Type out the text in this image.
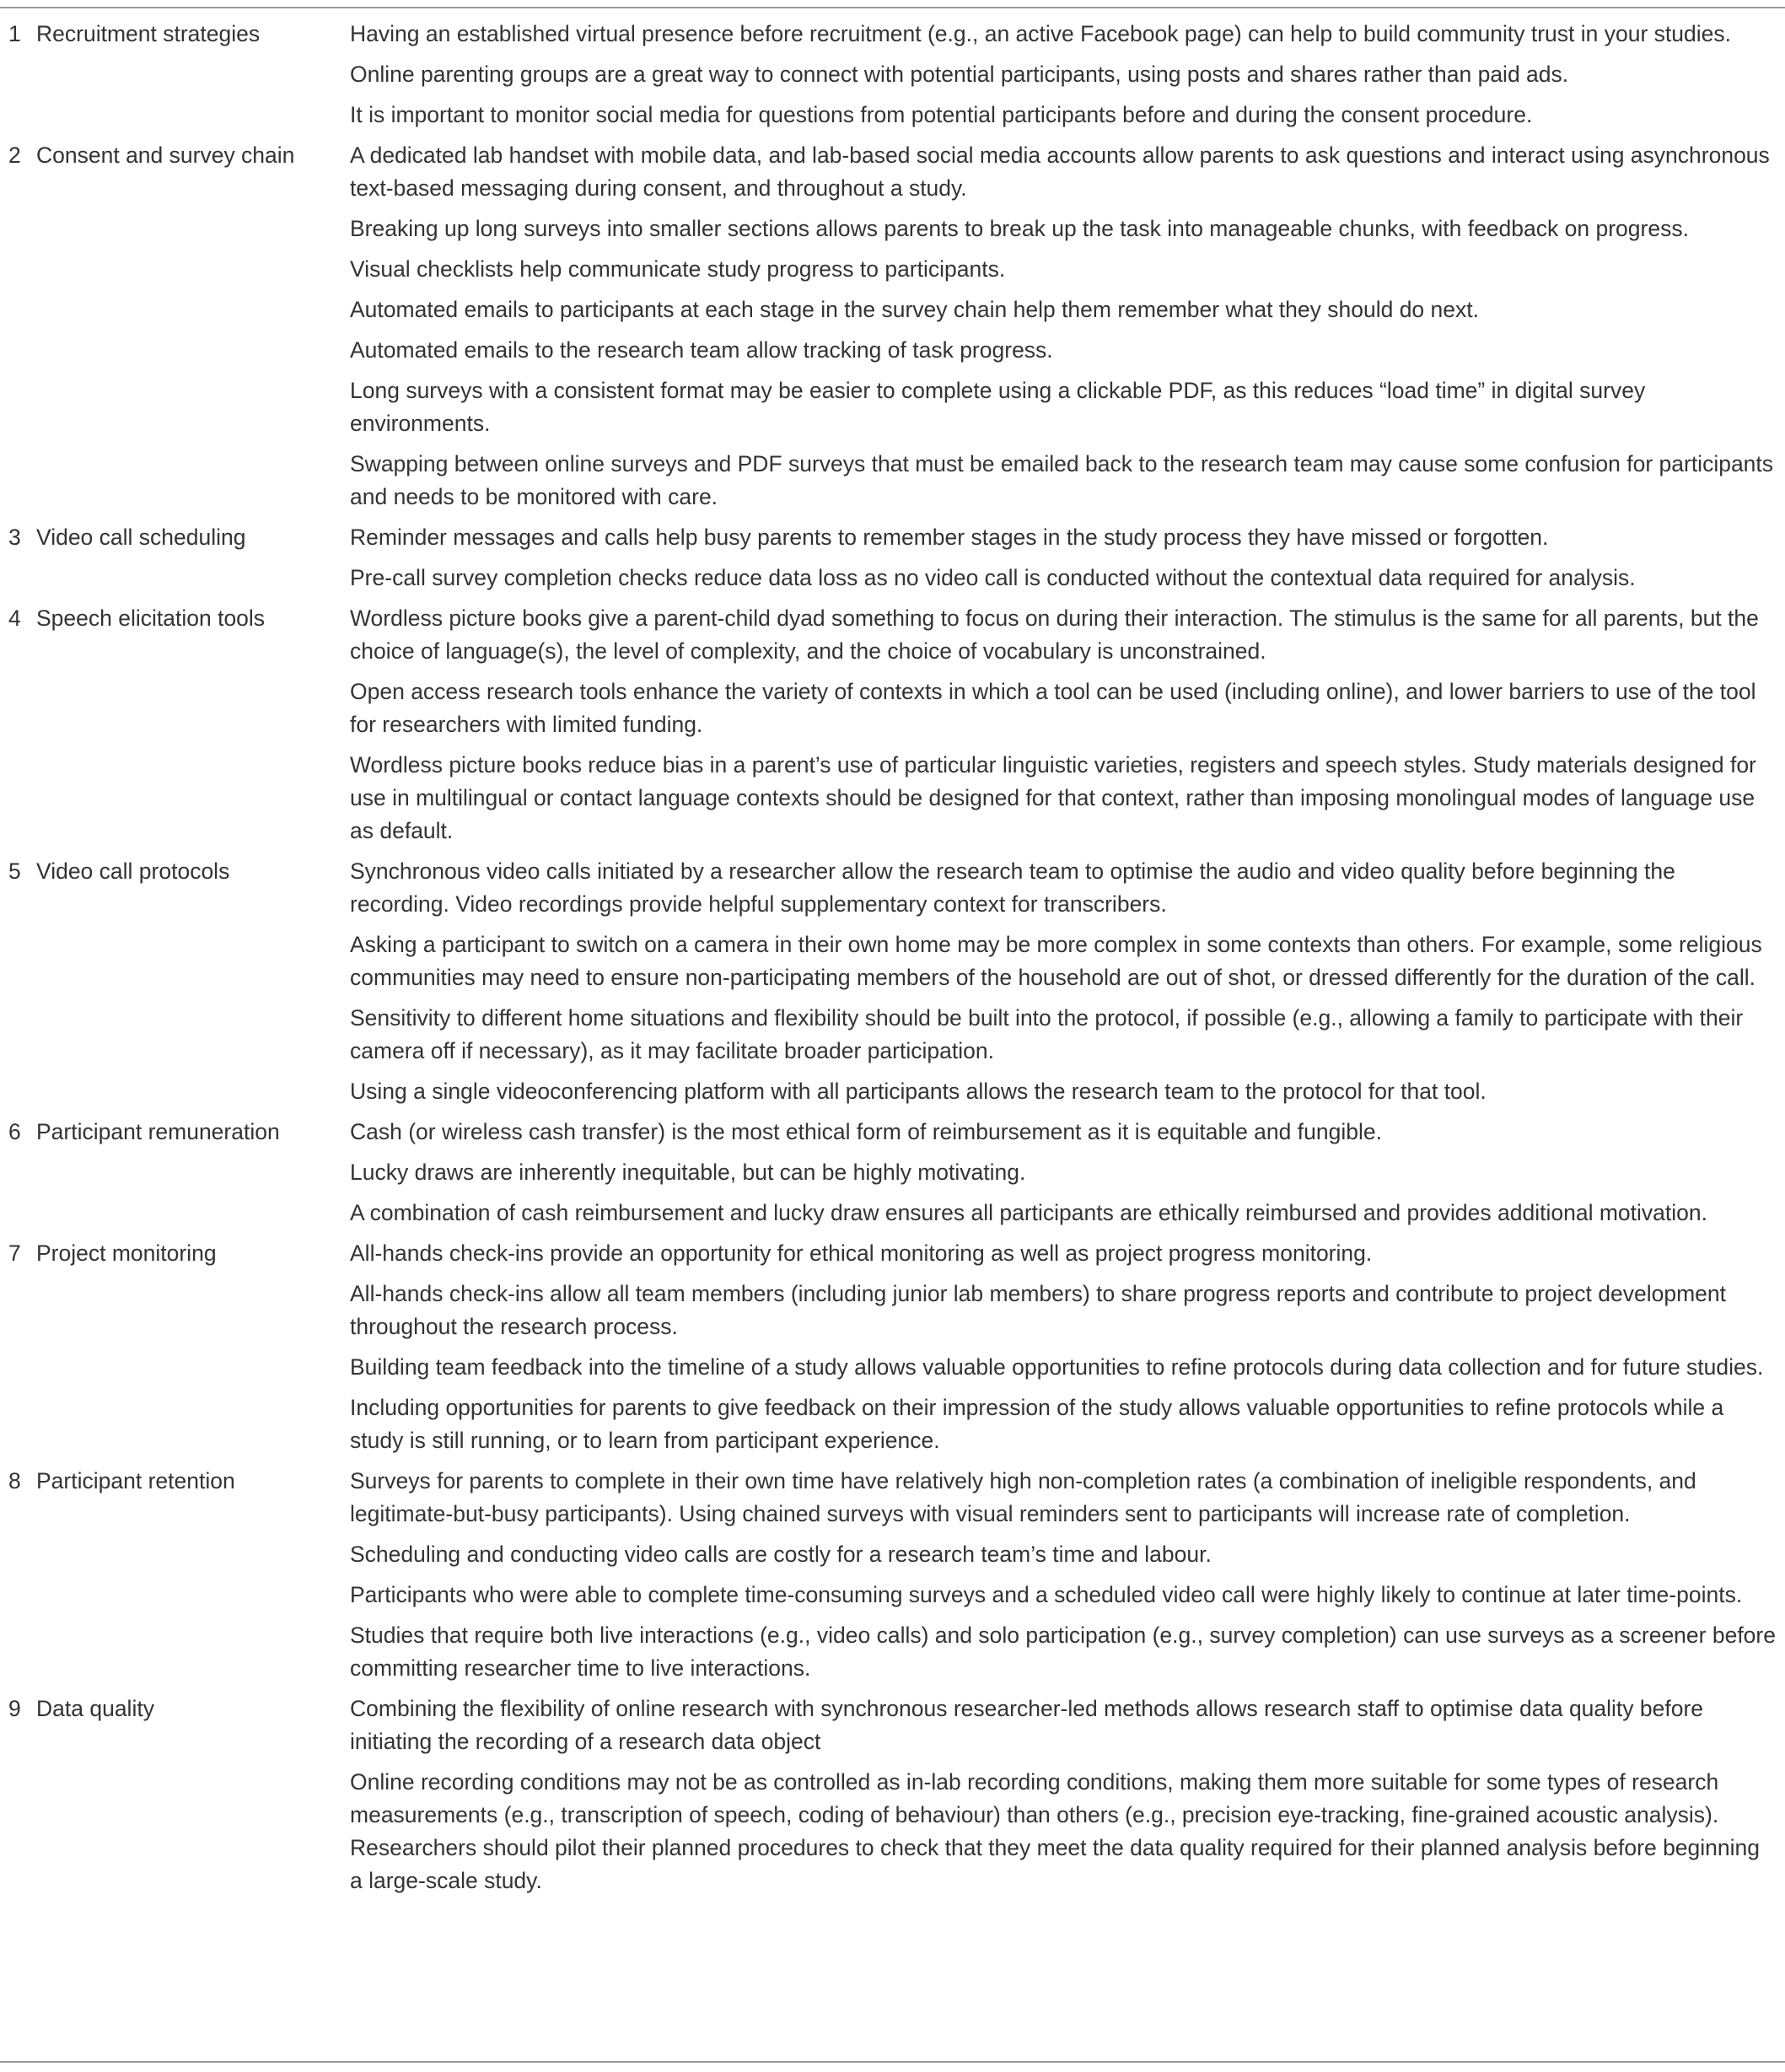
1	Recruitment strategies	Having an established virtual presence before recruitment (e.g., an active Facebook page) can help to build community trust in your studies.

		Online parenting groups are a great way to connect with potential participants, using posts and shares rather than paid ads.

		It is important to monitor social media for questions from potential participants before and during the consent procedure.

2	Consent and survey chain	A dedicated lab handset with mobile data, and lab-based social media accounts allow parents to ask questions and interact using asynchronous text-based messaging during consent, and throughout a study.

		Breaking up long surveys into smaller sections allows parents to break up the task into manageable chunks, with feedback on progress.

		Visual checklists help communicate study progress to participants.

		Automated emails to participants at each stage in the survey chain help them remember what they should do next.

		Automated emails to the research team allow tracking of task progress.

		Long surveys with a consistent format may be easier to complete using a clickable PDF, as this reduces “load time” in digital survey environments.

		Swapping between online surveys and PDF surveys that must be emailed back to the research team may cause some confusion for participants and needs to be monitored with care.

3	Video call scheduling	Reminder messages and calls help busy parents to remember stages in the study process they have missed or forgotten.

		Pre-call survey completion checks reduce data loss as no video call is conducted without the contextual data required for analysis.

4	Speech elicitation tools	Wordless picture books give a parent-child dyad something to focus on during their interaction. The stimulus is the same for all parents, but the choice of language(s), the level of complexity, and the choice of vocabulary is unconstrained.

		Open access research tools enhance the variety of contexts in which a tool can be used (including online), and lower barriers to use of the tool for researchers with limited funding.

		Wordless picture books reduce bias in a parent’s use of particular linguistic varieties, registers and speech styles. Study materials designed for use in multilingual or contact language contexts should be designed for that context, rather than imposing monolingual modes of language use as default.

5	Video call protocols	Synchronous video calls initiated by a researcher allow the research team to optimise the audio and video quality before beginning the recording. Video recordings provide helpful supplementary context for transcribers.

		Asking a participant to switch on a camera in their own home may be more complex in some contexts than others. For example, some religious communities may need to ensure non-participating members of the household are out of shot, or dressed differently for the duration of the call.

		Sensitivity to different home situations and flexibility should be built into the protocol, if possible (e.g., allowing a family to participate with their camera off if necessary), as it may facilitate broader participation.

		Using a single videoconferencing platform with all participants allows the research team to the protocol for that tool.

6	Participant remuneration	Cash (or wireless cash transfer) is the most ethical form of reimbursement as it is equitable and fungible.

		Lucky draws are inherently inequitable, but can be highly motivating.

		A combination of cash reimbursement and lucky draw ensures all participants are ethically reimbursed and provides additional motivation.

7	Project monitoring	All-hands check-ins provide an opportunity for ethical monitoring as well as project progress monitoring.

		All-hands check-ins allow all team members (including junior lab members) to share progress reports and contribute to project development throughout the research process.

		Building team feedback into the timeline of a study allows valuable opportunities to refine protocols during data collection and for future studies.

		Including opportunities for parents to give feedback on their impression of the study allows valuable opportunities to refine protocols while a study is still running, or to learn from participant experience.

8	Participant retention	Surveys for parents to complete in their own time have relatively high non-completion rates (a combination of ineligible respondents, and legitimate-but-busy participants). Using chained surveys with visual reminders sent to participants will increase rate of completion.

		Scheduling and conducting video calls are costly for a research team’s time and labour.

		Participants who were able to complete time-consuming surveys and a scheduled video call were highly likely to continue at later time-points.

		Studies that require both live interactions (e.g., video calls) and solo participation (e.g., survey completion) can use surveys as a screener before committing researcher time to live interactions.

9	Data quality	Combining the flexibility of online research with synchronous researcher-led methods allows research staff to optimise data quality before initiating the recording of a research data object

		Online recording conditions may not be as controlled as in-lab recording conditions, making them more suitable for some types of research measurements (e.g., transcription of speech, coding of behaviour) than others (e.g., precision eye-tracking, fine-grained acoustic analysis). Researchers should pilot their planned procedures to check that they meet the data quality required for their planned analysis before beginning a large-scale study.
